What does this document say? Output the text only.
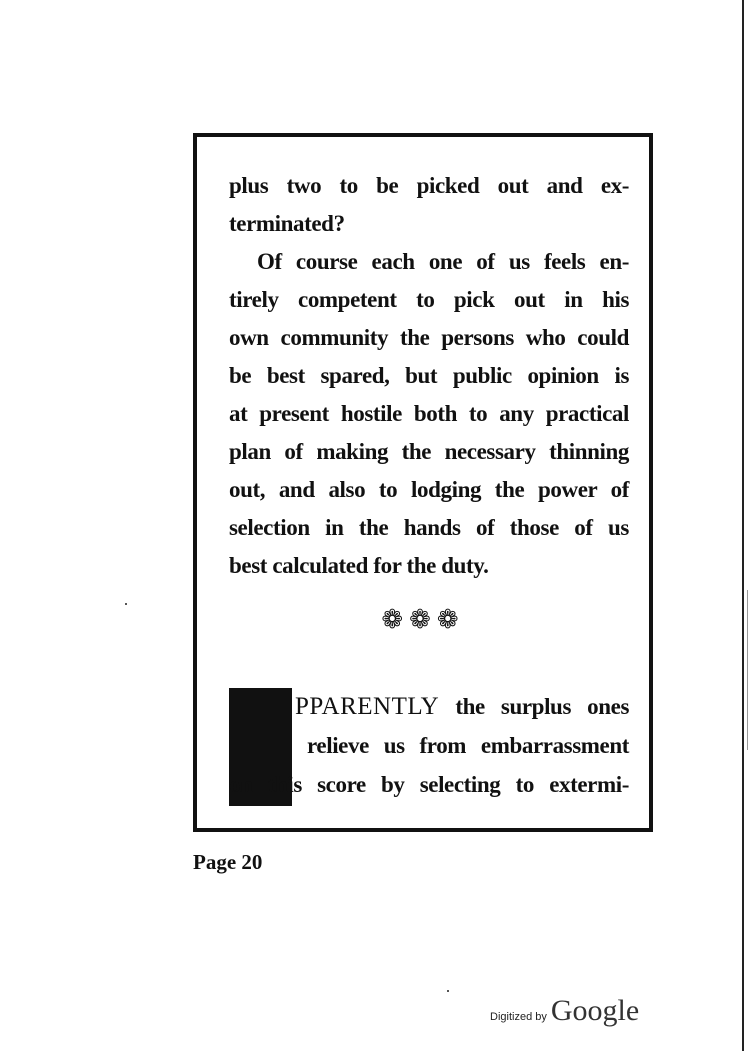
plus two to be picked out and ex-
terminated?
Of course each one of us feels en-
tirely competent to pick out in his
own community the persons who could
be best spared, but public opinion is
at present hostile both to any practical
plan of making the necessary thinning
out, and also to lodging the power of
selection in the hands of those of us
best calculated for the duty.
❁❁❁
PPARENTLY the surplus ones
relieve us from embarrassment
on this score by selecting to extermi-
Page 20
Digitized by Google
